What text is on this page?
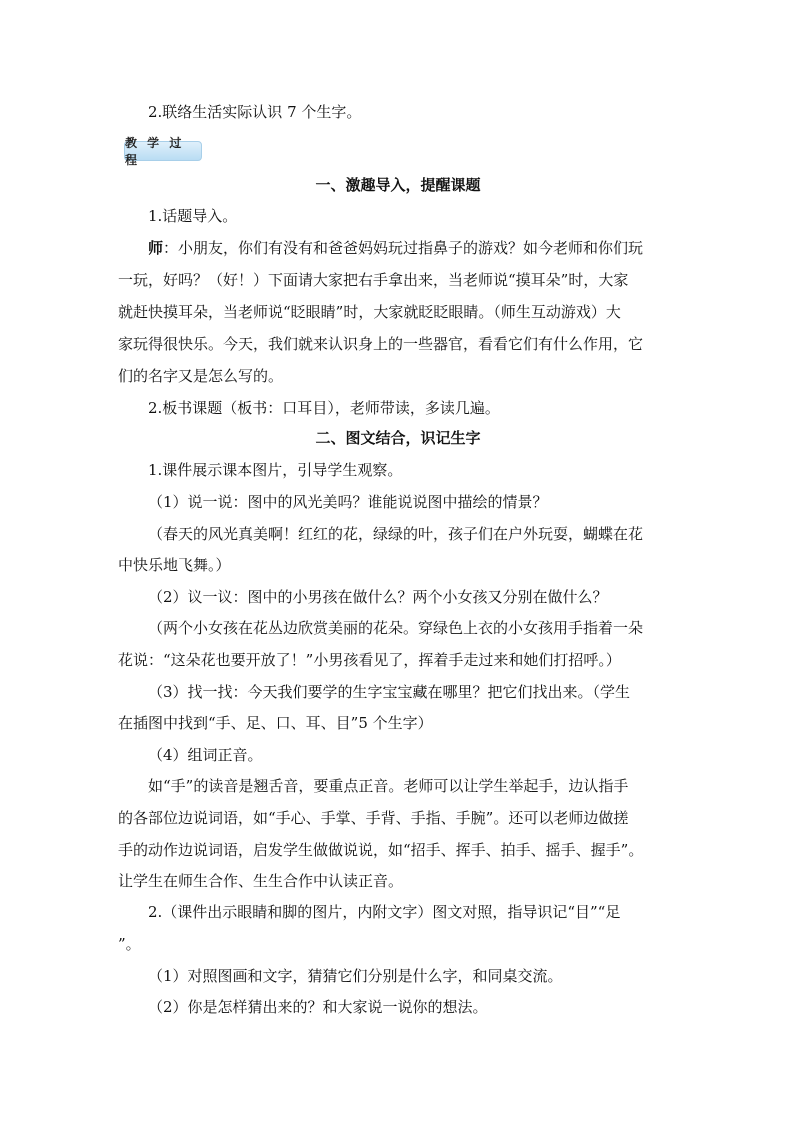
2.联络生活实际认识 7 个生字。
教 学 过 程
一、激趣导入，提醒课题
1.话题导入。
师：小朋友，你们有没有和爸爸妈妈玩过指鼻子的游戏？如今老师和你们玩
一玩，好吗？（好！）下面请大家把右手拿出来，当老师说“摸耳朵”时，大家
就赶快摸耳朵，当老师说“眨眼睛”时，大家就眨眨眼睛。（师生互动游戏）大
家玩得很快乐。今天，我们就来认识身上的一些器官，看看它们有什么作用，它
们的名字又是怎么写的。
2.板书课题（板书：口耳目），老师带读，多读几遍。
二、图文结合，识记生字
1.课件展示课本图片，引导学生观察。
（1）说一说：图中的风光美吗？谁能说说图中描绘的情景？
（春天的风光真美啊！红红的花，绿绿的叶，孩子们在户外玩耍，蝴蝶在花
中快乐地飞舞。）
（2）议一议：图中的小男孩在做什么？两个小女孩又分别在做什么？
（两个小女孩在花丛边欣赏美丽的花朵。穿绿色上衣的小女孩用手指着一朵
花说：“这朵花也要开放了！”小男孩看见了，挥着手走过来和她们打招呼。）
（3）找一找：今天我们要学的生字宝宝藏在哪里？把它们找出来。（学生
在插图中找到“手、足、口、耳、目”5 个生字）
（4）组词正音。
如“手”的读音是翘舌音，要重点正音。老师可以让学生举起手，边认指手
的各部位边说词语，如“手心、手掌、手背、手指、手腕”。还可以老师边做搓
手的动作边说词语，启发学生做做说说，如“招手、挥手、拍手、摇手、握手”。
让学生在师生合作、生生合作中认读正音。
2.（课件出示眼睛和脚的图片，内附文字）图文对照，指导识记“目”“足
”。
（1）对照图画和文字，猜猜它们分别是什么字，和同桌交流。
（2）你是怎样猜出来的？和大家说一说你的想法。
